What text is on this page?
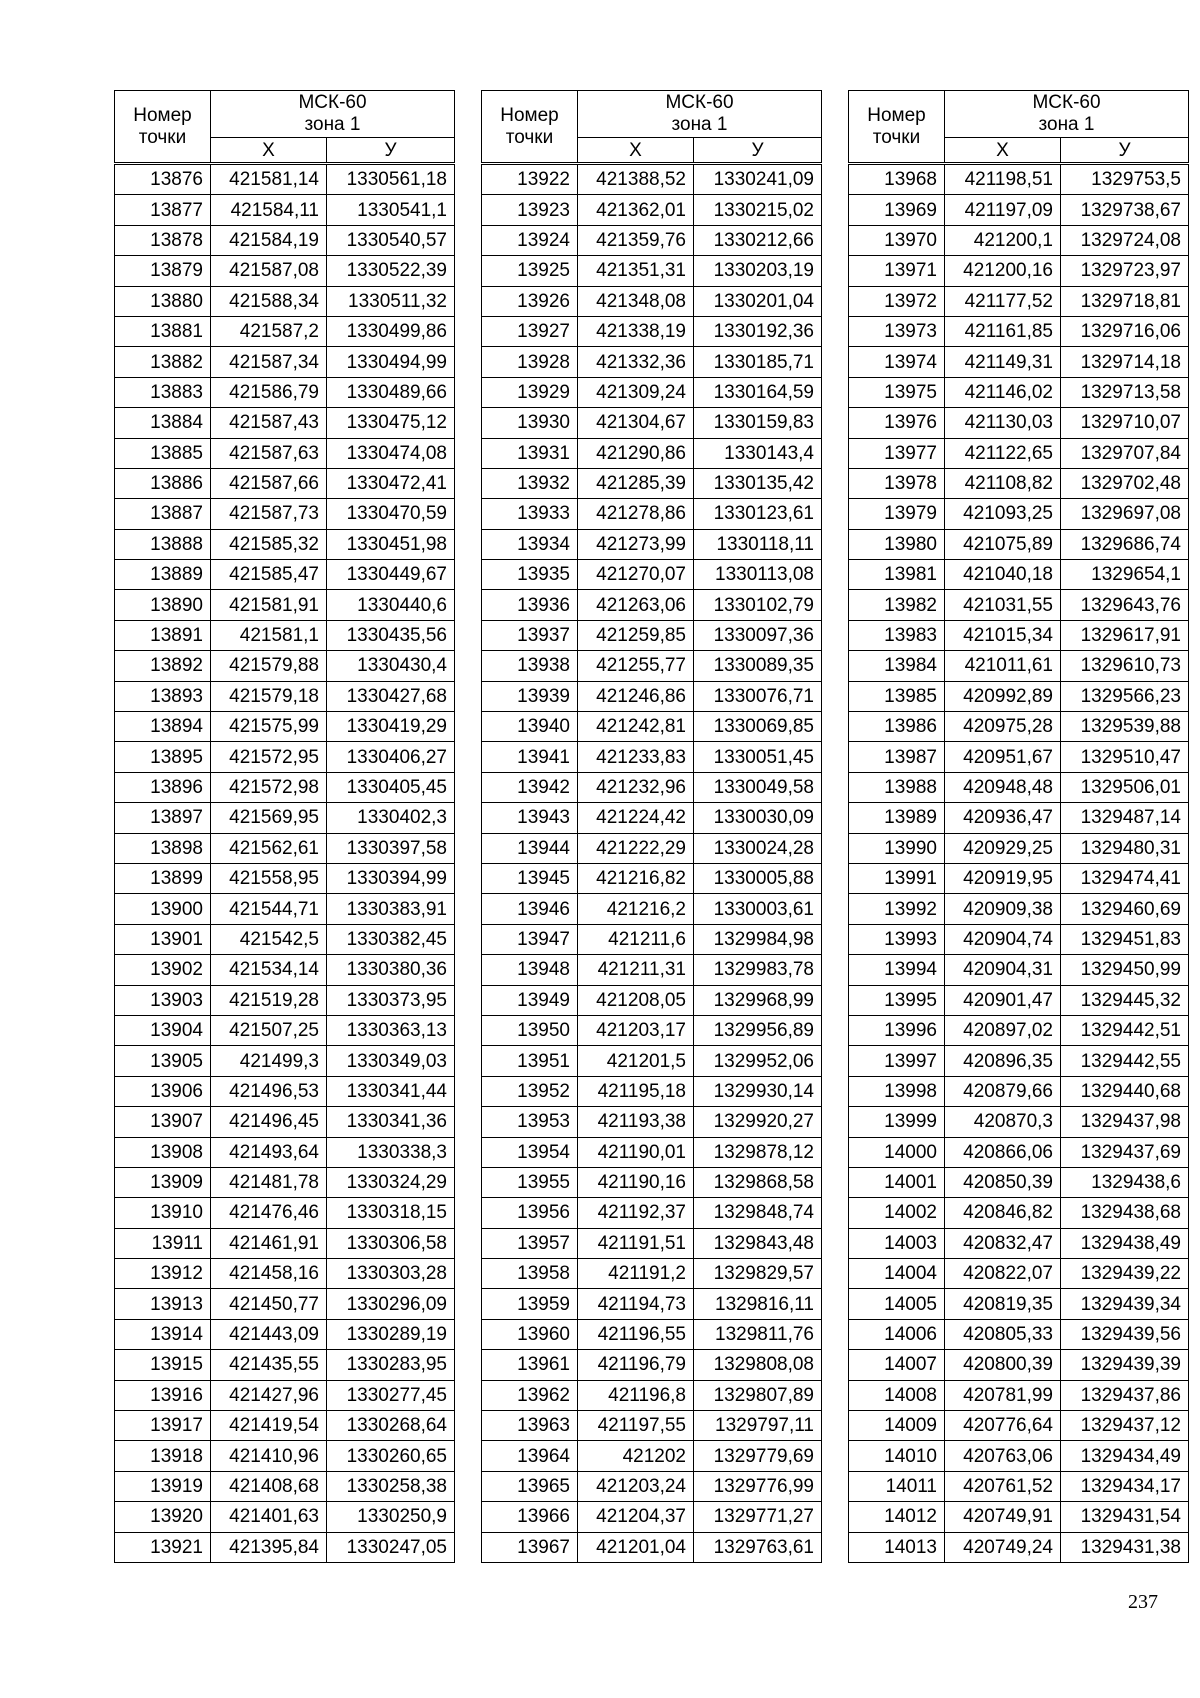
Номер
точки	МСК-60
зона 1	

	Х	У

13876	421581,14	1330561,18
13877	421584,11	1330541,1
13878	421584,19	1330540,57
13879	421587,08	1330522,39
13880	421588,34	1330511,32
13881	421587,2	1330499,86
13882	421587,34	1330494,99
13883	421586,79	1330489,66
13884	421587,43	1330475,12
13885	421587,63	1330474,08
13886	421587,66	1330472,41
13887	421587,73	1330470,59
13888	421585,32	1330451,98
13889	421585,47	1330449,67
13890	421581,91	1330440,6
13891	421581,1	1330435,56
13892	421579,88	1330430,4
13893	421579,18	1330427,68
13894	421575,99	1330419,29
13895	421572,95	1330406,27
13896	421572,98	1330405,45
13897	421569,95	1330402,3
13898	421562,61	1330397,58
13899	421558,95	1330394,99
13900	421544,71	1330383,91
13901	421542,5	1330382,45
13902	421534,14	1330380,36
13903	421519,28	1330373,95
13904	421507,25	1330363,13
13905	421499,3	1330349,03
13906	421496,53	1330341,44
13907	421496,45	1330341,36
13908	421493,64	1330338,3
13909	421481,78	1330324,29
13910	421476,46	1330318,15
13911	421461,91	1330306,58
13912	421458,16	1330303,28
13913	421450,77	1330296,09
13914	421443,09	1330289,19
13915	421435,55	1330283,95
13916	421427,96	1330277,45
13917	421419,54	1330268,64
13918	421410,96	1330260,65
13919	421408,68	1330258,38
13920	421401,63	1330250,9
13921	421395,84	1330247,05
Номер
точки	МСК-60
зона 1	

	Х	У

13922	421388,52	1330241,09
13923	421362,01	1330215,02
13924	421359,76	1330212,66
13925	421351,31	1330203,19
13926	421348,08	1330201,04
13927	421338,19	1330192,36
13928	421332,36	1330185,71
13929	421309,24	1330164,59
13930	421304,67	1330159,83
13931	421290,86	1330143,4
13932	421285,39	1330135,42
13933	421278,86	1330123,61
13934	421273,99	1330118,11
13935	421270,07	1330113,08
13936	421263,06	1330102,79
13937	421259,85	1330097,36
13938	421255,77	1330089,35
13939	421246,86	1330076,71
13940	421242,81	1330069,85
13941	421233,83	1330051,45
13942	421232,96	1330049,58
13943	421224,42	1330030,09
13944	421222,29	1330024,28
13945	421216,82	1330005,88
13946	421216,2	1330003,61
13947	421211,6	1329984,98
13948	421211,31	1329983,78
13949	421208,05	1329968,99
13950	421203,17	1329956,89
13951	421201,5	1329952,06
13952	421195,18	1329930,14
13953	421193,38	1329920,27
13954	421190,01	1329878,12
13955	421190,16	1329868,58
13956	421192,37	1329848,74
13957	421191,51	1329843,48
13958	421191,2	1329829,57
13959	421194,73	1329816,11
13960	421196,55	1329811,76
13961	421196,79	1329808,08
13962	421196,8	1329807,89
13963	421197,55	1329797,11
13964	421202	1329779,69
13965	421203,24	1329776,99
13966	421204,37	1329771,27
13967	421201,04	1329763,61
Номер
точки	МСК-60
зона 1	

	Х	У

13968	421198,51	1329753,5
13969	421197,09	1329738,67
13970	421200,1	1329724,08
13971	421200,16	1329723,97
13972	421177,52	1329718,81
13973	421161,85	1329716,06
13974	421149,31	1329714,18
13975	421146,02	1329713,58
13976	421130,03	1329710,07
13977	421122,65	1329707,84
13978	421108,82	1329702,48
13979	421093,25	1329697,08
13980	421075,89	1329686,74
13981	421040,18	1329654,1
13982	421031,55	1329643,76
13983	421015,34	1329617,91
13984	421011,61	1329610,73
13985	420992,89	1329566,23
13986	420975,28	1329539,88
13987	420951,67	1329510,47
13988	420948,48	1329506,01
13989	420936,47	1329487,14
13990	420929,25	1329480,31
13991	420919,95	1329474,41
13992	420909,38	1329460,69
13993	420904,74	1329451,83
13994	420904,31	1329450,99
13995	420901,47	1329445,32
13996	420897,02	1329442,51
13997	420896,35	1329442,55
13998	420879,66	1329440,68
13999	420870,3	1329437,98
14000	420866,06	1329437,69
14001	420850,39	1329438,6
14002	420846,82	1329438,68
14003	420832,47	1329438,49
14004	420822,07	1329439,22
14005	420819,35	1329439,34
14006	420805,33	1329439,56
14007	420800,39	1329439,39
14008	420781,99	1329437,86
14009	420776,64	1329437,12
14010	420763,06	1329434,49
14011	420761,52	1329434,17
14012	420749,91	1329431,54
14013	420749,24	1329431,38
237
